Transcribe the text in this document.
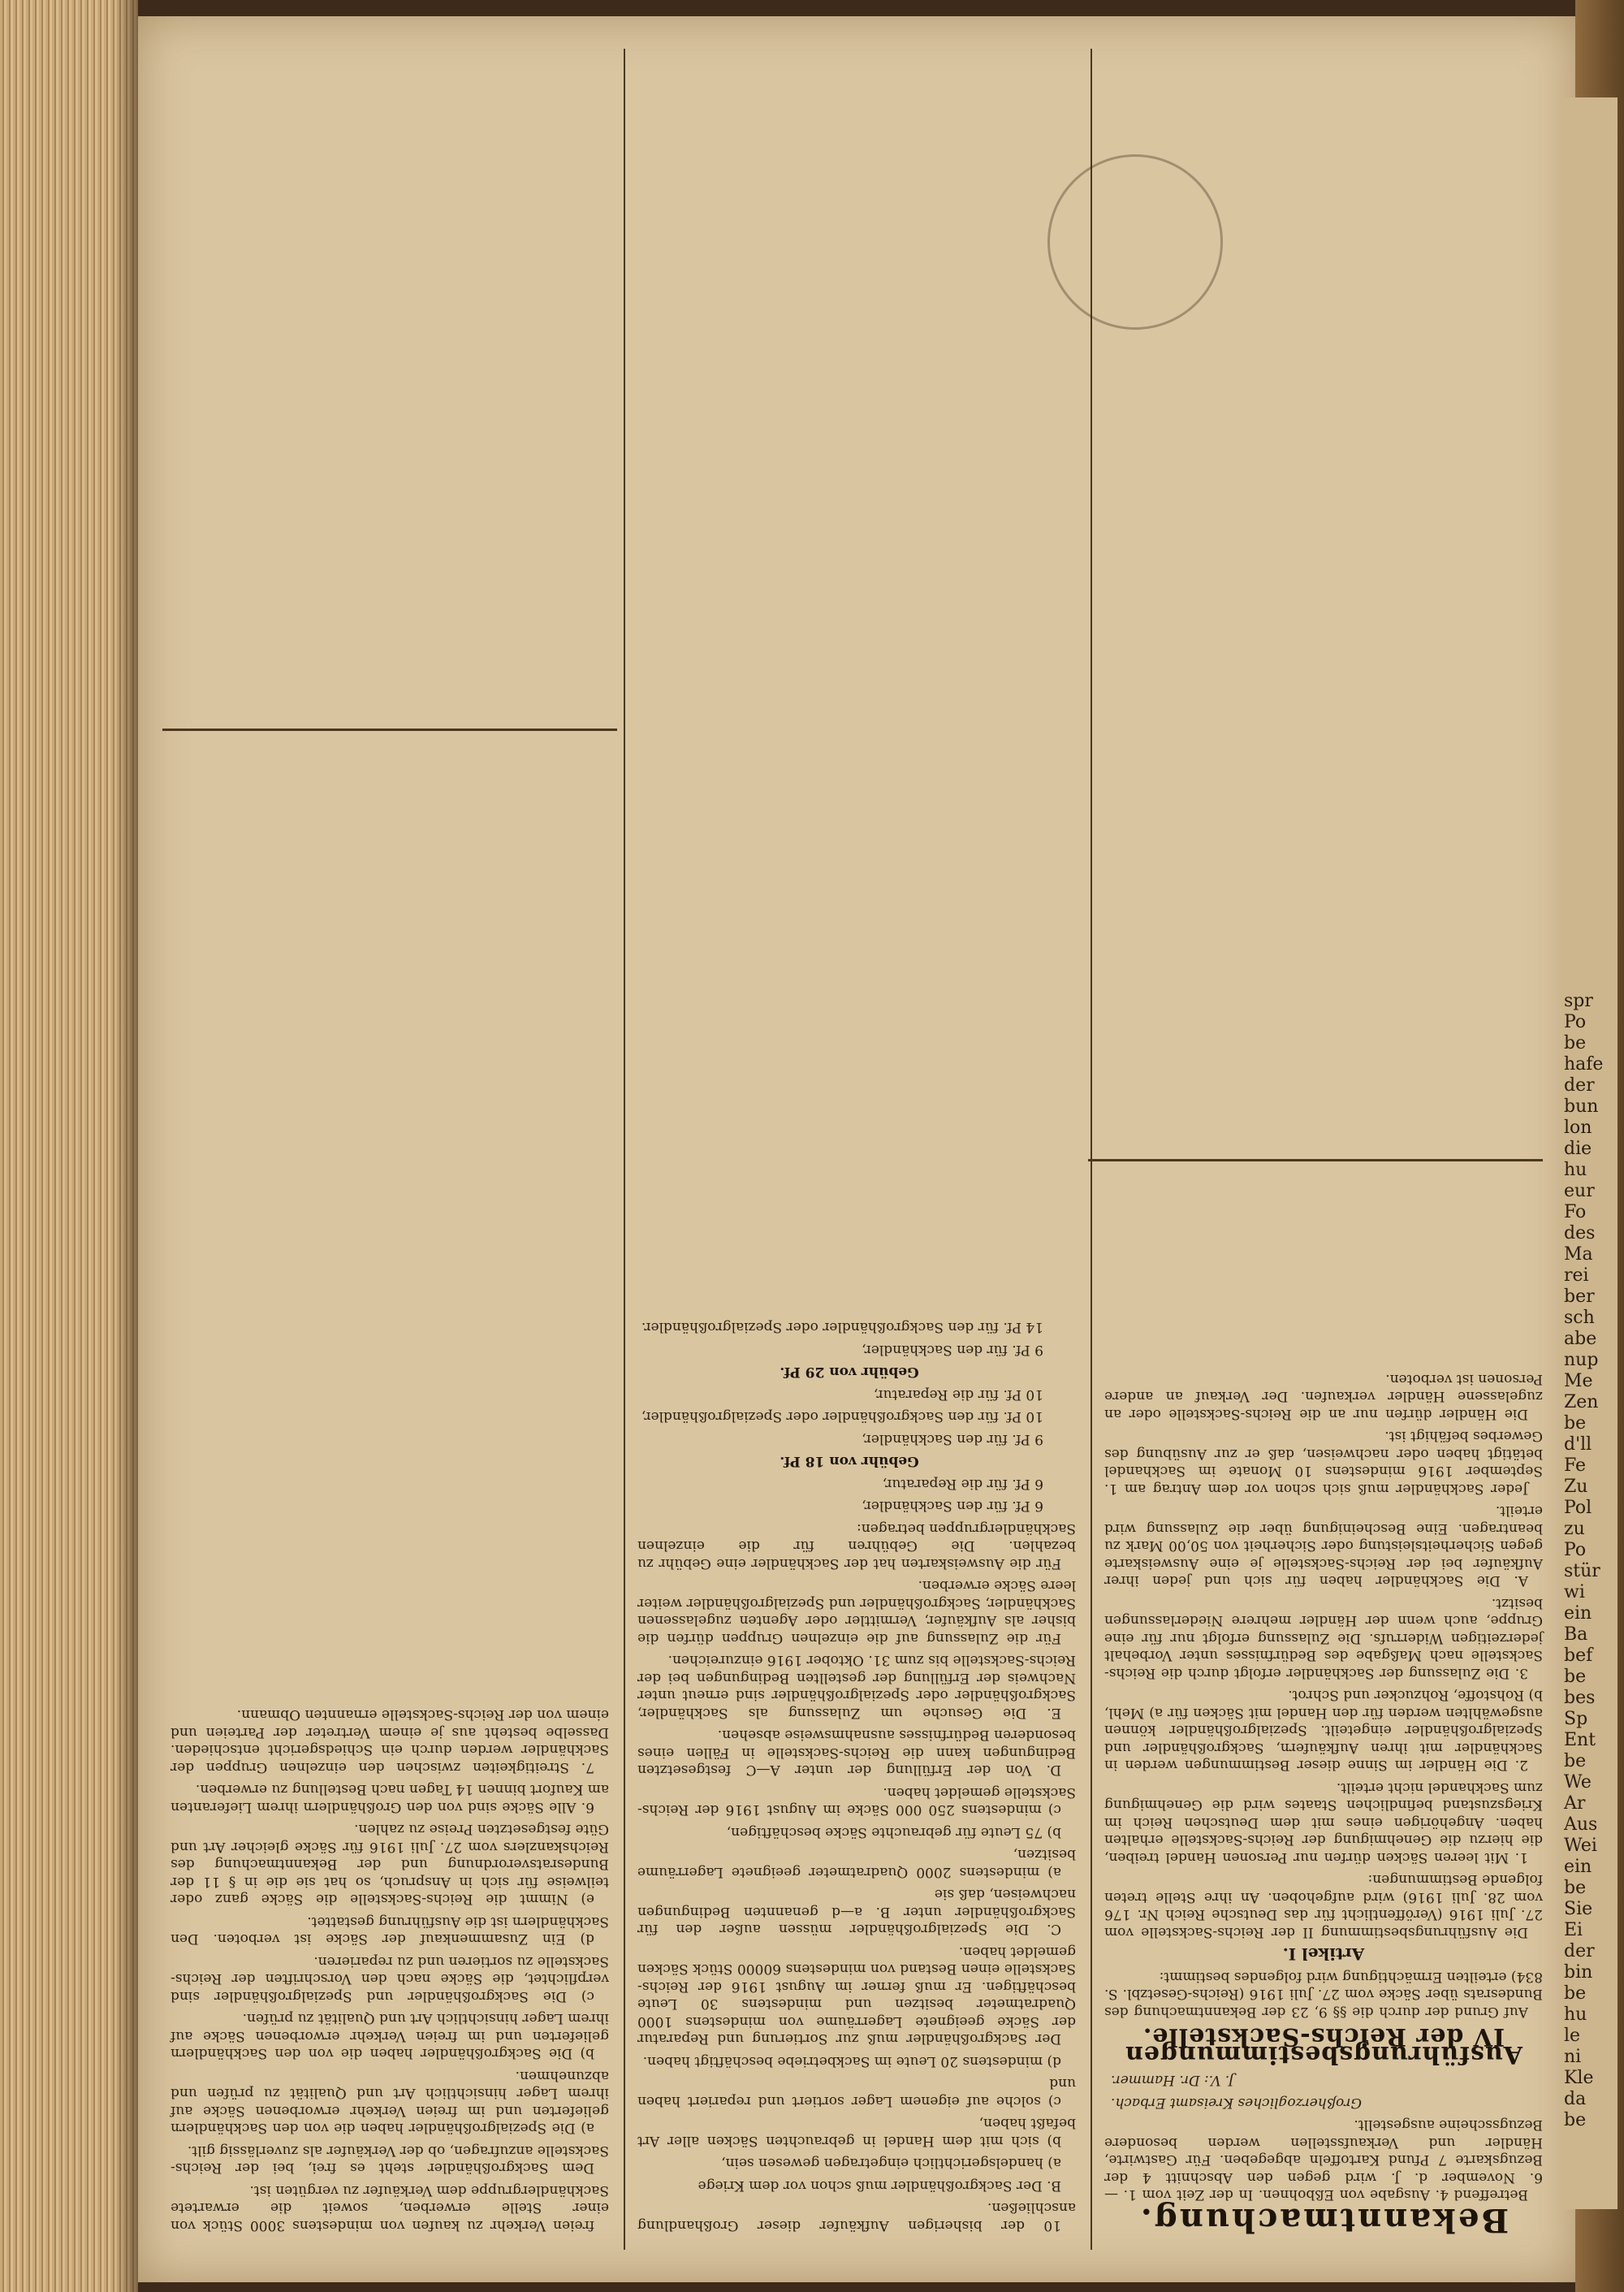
Bekanntmachung.

Betreffend 4. Ausgabe von Eßbohnen. In der Zeit vom 1. — 6. November d. J. wird gegen den Abschnitt 4 der Bezugskarte 7 Pfund Kartoffeln abgegeben. Für Gastwirte, Händler und Verkaufsstellen werden besondere Bezugsscheine ausgestellt.

Großherzogliches Kreisamt Erbach.
J. V.: Dr. Hammer.
Ausführungsbestimmungen IV der Reichs-Sackstelle.

Auf Grund der durch die §§ 9, 23 der Bekanntmachung des Bundesrats über Säcke vom 27. Juli 1916 (Reichs-Gesetzbl. S. 834) erteilten Ermächtigung wird folgendes bestimmt:

Artikel I.

Die Ausführungsbestimmung II der Reichs-Sackstelle vom 27. Juli 1916 (Veröffentlicht für das Deutsche Reich Nr. 176 vom 28. Juli 1916) wird aufgehoben. An ihre Stelle treten folgende Bestimmungen:

1. Mit leeren Säcken dürfen nur Personen Handel treiben, die hierzu die Genehmigung der Reichs-Sackstelle erhalten haben. Angehörigen eines mit dem Deutschen Reich im Kriegszustand befindlichen Staates wird die Genehmigung zum Sackhandel nicht erteilt.

2. Die Händler im Sinne dieser Bestimmungen werden in Sackhändler mit ihren Aufkäufern, Sackgroßhändler und Spezialgroßhändler eingeteilt. Spezialgroßhändler können ausgewählten werden für den Handel mit Säcken für a) Mehl, b) Rohstoffe, Rohzucker und Schrot.

3. Die Zulassung der Sackhändler erfolgt durch die Reichs-Sackstelle nach Maßgabe des Bedürfnisses unter Vorbehalt jederzeitigen Widerrufs. Die Zulassung erfolgt nur für eine Gruppe, auch wenn der Händler mehrere Niederlassungen besitzt.

A. Die Sackhändler haben für sich und jeden ihrer Aufkäufer bei der Reichs-Sackstelle je eine Ausweiskarte gegen Sicherheitsleistung oder Sicherheit von 50,00 Mark zu beantragen. Eine Bescheinigung über die Zulassung wird erteilt.

Jeder Sackhändler muß sich schon vor dem Antrag am 1. September 1916 mindestens 10 Monate im Sackhandel betätigt haben oder nachweisen, daß er zur Ausübung des Gewerbes befähigt ist.

Die Händler dürfen nur an die Reichs-Sackstelle oder an zugelassene Händler verkaufen. Der Verkauf an andere Personen ist verboten.

10 der bisherigen Aufkäufer dieser Großhandlung anschließen.

B. Der Sackgroßhändler muß schon vor dem Kriege

a) handelsgerichtlich eingetragen gewesen sein,

b) sich mit dem Handel in gebrauchten Säcken aller Art befaßt haben,

c) solche auf eigenem Lager sortiert und repariert haben und

d) mindestens 20 Leute im Sackbetriebe beschäftigt haben.

Der Sackgroßhändler muß zur Sortierung und Reparatur der Säcke geeignete Lagerräume von mindestens 1000 Quadratmeter besitzen und mindestens 30 Leute beschäftigen. Er muß ferner im August 1916 der Reichs-Sackstelle einen Bestand von mindestens 60000 Stück Säcken gemeldet haben.

C. Die Spezialgroßhändler müssen außer den für Sackgroßhändler unter B. a—d genannten Bedingungen nachweisen, daß sie

a) mindestens 2000 Quadratmeter geeignete Lagerräume besitzen,

b) 75 Leute für gebrauchte Säcke beschäftigen,

c) mindestens 250 000 Säcke im August 1916 der Reichs-Sackstelle gemeldet haben.

D. Von der Erfüllung der unter A—C festgesetzten Bedingungen kann die Reichs-Sackstelle in Fällen eines besonderen Bedürfnisses ausnahmsweise absehen.

E. Die Gesuche um Zulassung als Sackhändler, Sackgroßhändler oder Spezialgroßhändler sind erneut unter Nachweis der Erfüllung der gestellten Bedingungen bei der Reichs-Sackstelle bis zum 31. Oktober 1916 einzureichen.

Für die Zulassung auf die einzelnen Gruppen dürfen die bisher als Aufkäufer, Vermittler oder Agenten zugelassenen Sackhändler, Sackgroßhändler und Spezialgroßhändler weiter leere Säcke erwerben.

Für die Ausweiskarten hat der Sackhändler eine Gebühr zu bezahlen. Die Gebühren für die einzelnen Sackhändlergruppen betragen:

6 Pf. für den Sackhändler,

6 Pf. für die Reparatur,

Gebühr von 18 Pf.

9 Pf. für den Sackhändler,

10 Pf. für den Sackgroßhändler oder Spezialgroßhändler,

10 Pf. für die Reparatur,

Gebühr von 29 Pf.

9 Pf. für den Sackhändler,

14 Pf. für den Sackgroßhändler oder Spezialgroßhändler.

freien Verkehr zu kaufen von mindestens 3000 Stück von einer Stelle erwerben, soweit die erwartete Sackhändlergruppe dem Verkäufer zu vergüten ist.

Dem Sackgroßhändler steht es frei, bei der Reichs-Sackstelle anzufragen, ob der Verkäufer als zuverlässig gilt.

a) Die Spezialgroßhändler haben die von den Sackhändlern gelieferten und im freien Verkehr erworbenen Säcke auf ihrem Lager hinsichtlich Art und Qualität zu prüfen und abzunehmen.

b) Die Sackgroßhändler haben die von den Sackhändlern gelieferten und im freien Verkehr erworbenen Säcke auf ihrem Lager hinsichtlich Art und Qualität zu prüfen.

c) Die Sackgroßhändler und Spezialgroßhändler sind verpflichtet, die Säcke nach den Vorschriften der Reichs-Sackstelle zu sortieren und zu reparieren.

d) Ein Zusammenkauf der Säcke ist verboten. Den Sackhändlern ist die Ausführung gestattet.

e) Nimmt die Reichs-Sackstelle die Säcke ganz oder teilweise für sich in Anspruch, so hat sie die in § 11 der Bundesratsverordnung und der Bekanntmachung des Reichskanzlers vom 27. Juli 1916 für Säcke gleicher Art und Güte festgesetzten Preise zu zahlen.

6. Alle Säcke sind von den Großhändlern ihrem Lieferanten am Kaufort binnen 14 Tagen nach Bestellung zu erwerben.

7. Streitigkeiten zwischen den einzelnen Gruppen der Sackhändler werden durch ein Schiedsgericht entschieden. Dasselbe besteht aus je einem Vertreter der Parteien und einem von der Reichs-Sackstelle ernannten Obmann.

spr
Po
be
hafe
der
bun
lon
die
hu
eur
Fo
des
Ma
rei
ber
sch
abe
nup
Me
Zen
be
d'll
Fe
Zu
Pol
zu
Po
stür
wi
ein
Ba
bef
be
bes
Sp
Ent
be
We
Ar
Aus
Wei
ein
be
Sie
Ei
der
bin
be
hu
le
ni
Kle
da
be
